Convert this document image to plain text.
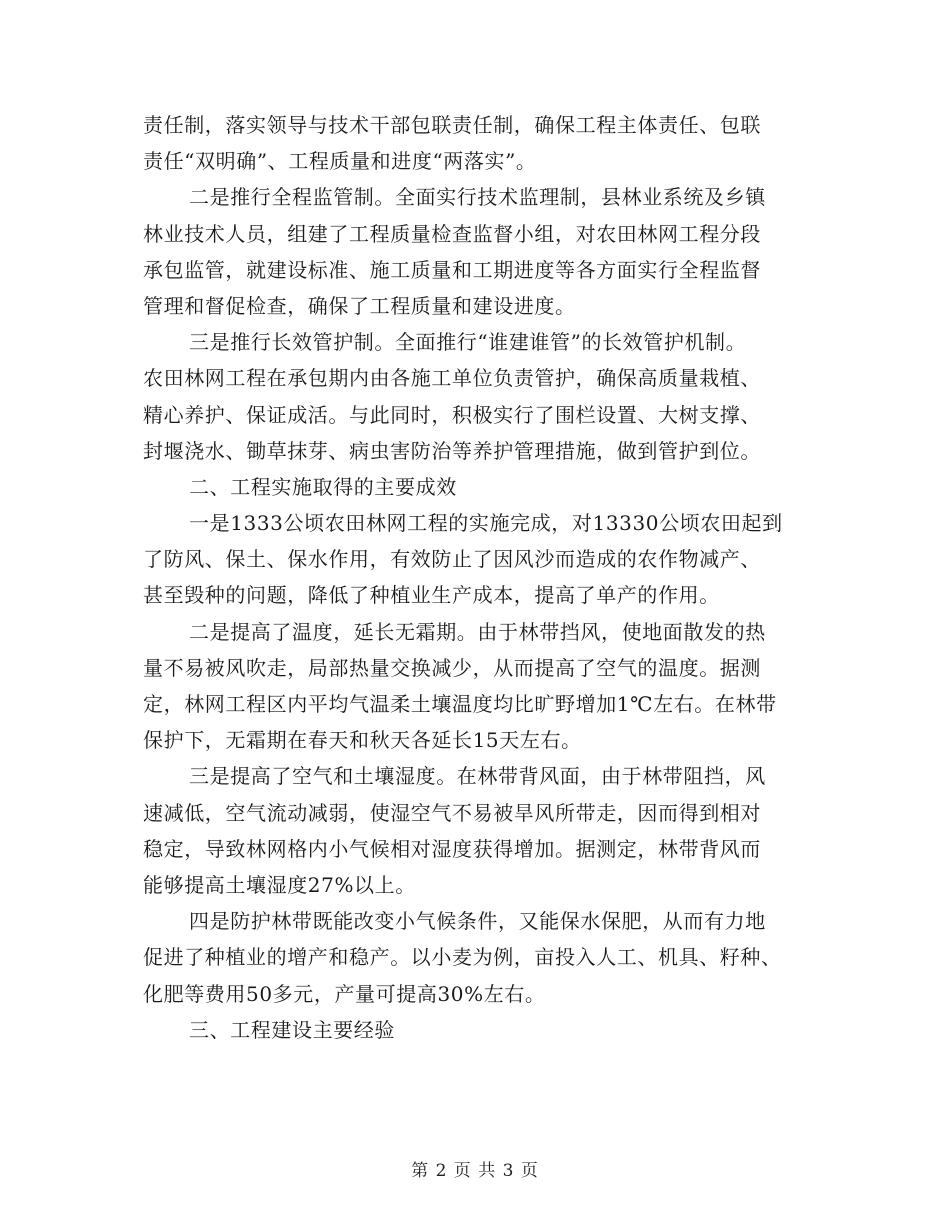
责任制，落实领导与技术干部包联责任制，确保工程主体责任、包联
责任“双明确”、工程质量和进度“两落实”。
二是推行全程监管制。全面实行技术监理制，县林业系统及乡镇
林业技术人员，组建了工程质量检查监督小组，对农田林网工程分段
承包监管，就建设标准、施工质量和工期进度等各方面实行全程监督
管理和督促检查，确保了工程质量和建设进度。
三是推行长效管护制。全面推行“谁建谁管”的长效管护机制。
农田林网工程在承包期内由各施工单位负责管护，确保高质量栽植、
精心养护、保证成活。与此同时，积极实行了围栏设置、大树支撑、
封堰浇水、锄草抹芽、病虫害防治等养护管理措施，做到管护到位。
二、工程实施取得的主要成效
一是1333公顷农田林网工程的实施完成，对13330公顷农田起到
了防风、保土、保水作用，有效防止了因风沙而造成的农作物减产、
甚至毁种的问题，降低了种植业生产成本，提高了单产的作用。
二是提高了温度，延长无霜期。由于林带挡风，使地面散发的热
量不易被风吹走，局部热量交换减少，从而提高了空气的温度。据测
定，林网工程区内平均气温柔土壤温度均比旷野增加1℃左右。在林带
保护下，无霜期在春天和秋天各延长15天左右。
三是提高了空气和土壤湿度。在林带背风面，由于林带阻挡，风
速减低，空气流动减弱，使湿空气不易被旱风所带走，因而得到相对
稳定，导致林网格内小气候相对湿度获得增加。据测定，林带背风而
能够提高土壤湿度27%以上。
四是防护林带既能改变小气候条件，又能保水保肥，从而有力地
促进了种植业的增产和稳产。以小麦为例，亩投入人工、机具、籽种、
化肥等费用50多元，产量可提高30%左右。
三、工程建设主要经验
第 2 页 共 3 页
